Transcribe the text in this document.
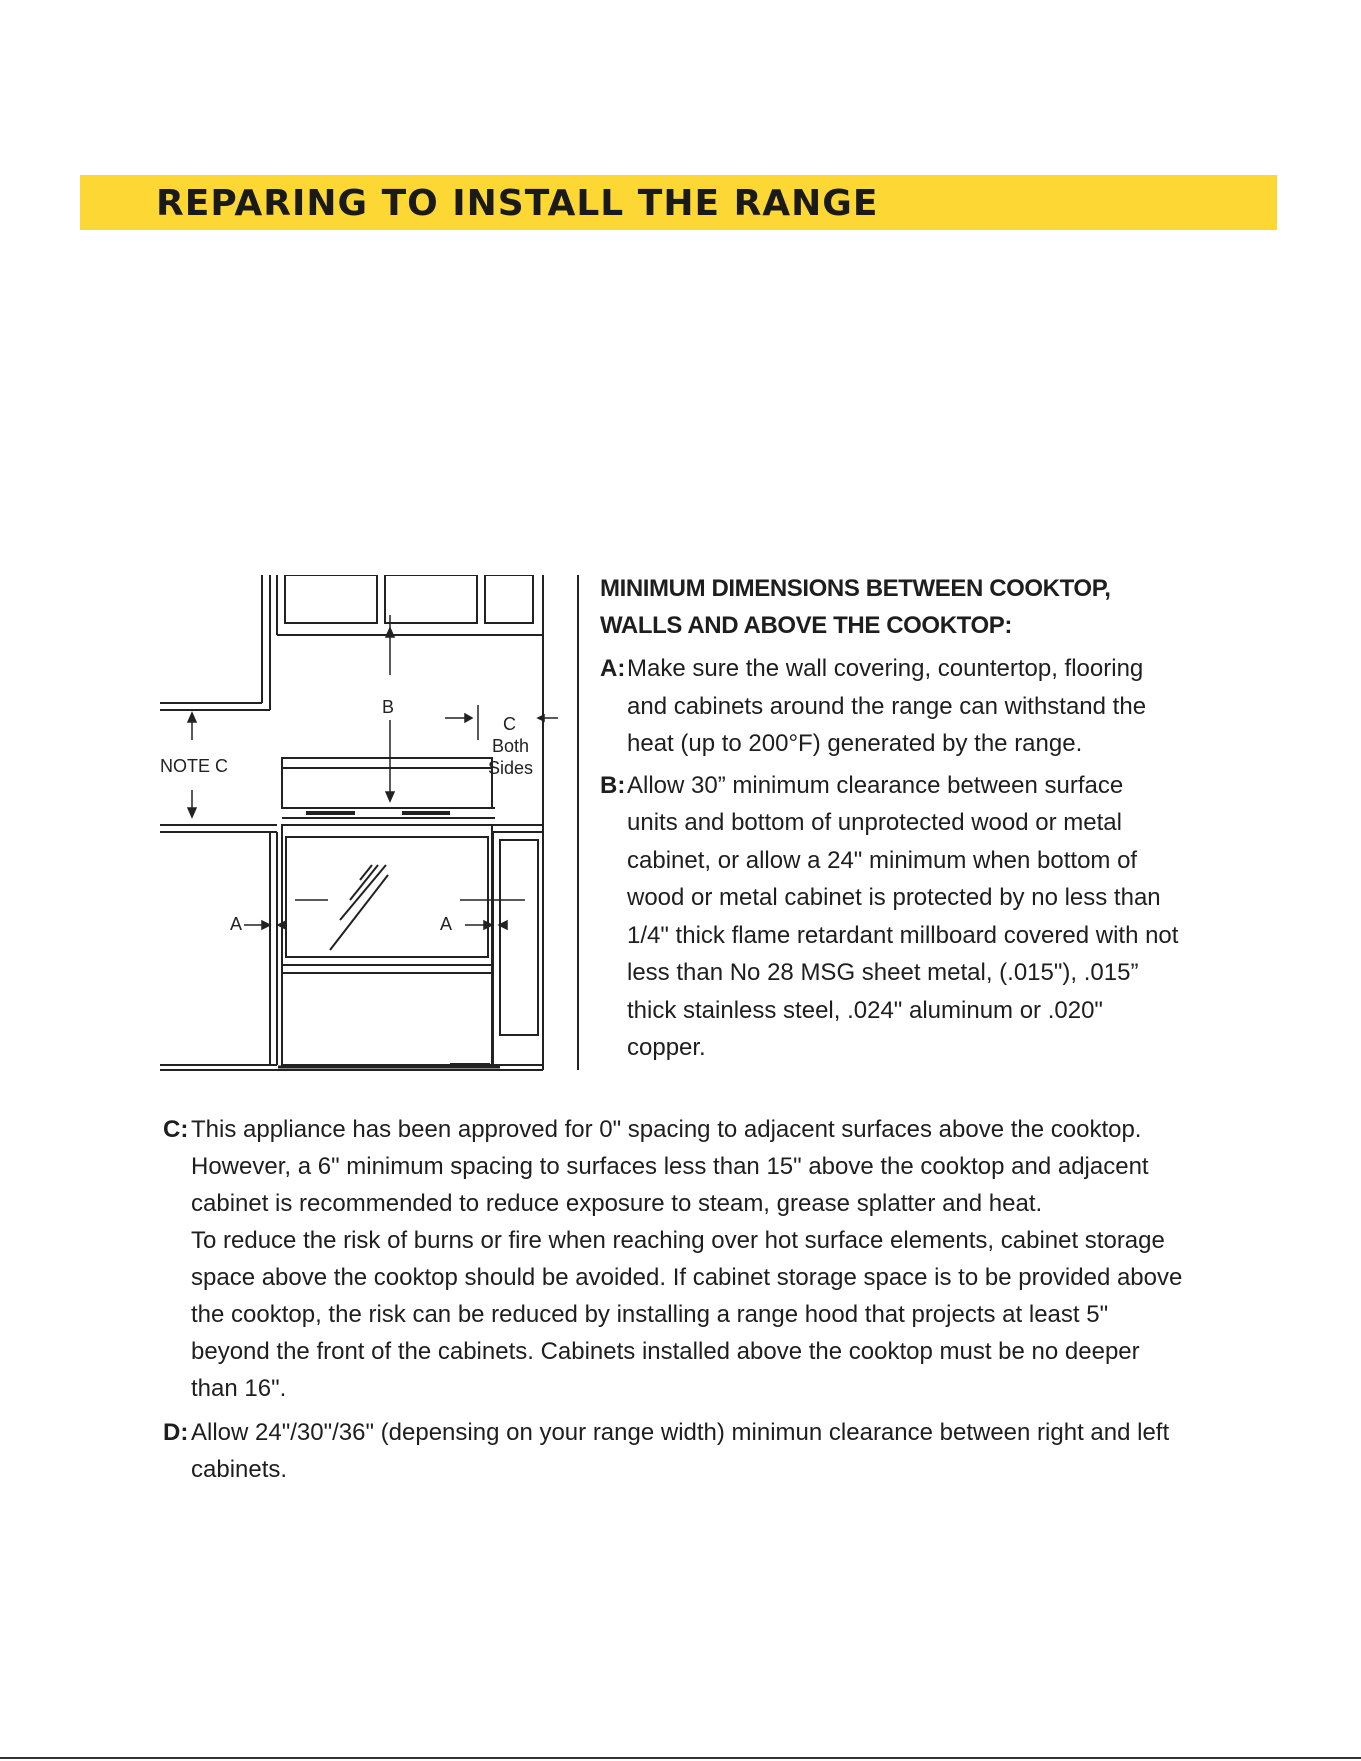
REPARING TO INSTALL THE RANGE
B
C
Both
Sides
NOTE C
A	A

MINIMUM DIMENSIONS BETWEEN COOKTOP,
WALLS AND ABOVE THE COOKTOP:

A: Make sure the wall covering, countertop, flooring and cabinets around the range can withstand the heat (up to 200°F) generated by the range.

B: Allow 30” minimum clearance between surface units and bottom of unprotected wood or metal cabinet, or allow a 24" minimum when bottom of wood or metal cabinet is protected by no less than 1/4" thick flame retardant millboard covered with not less than No 28 MSG sheet metal, (.015"), .015” thick stainless steel, .024" aluminum or .020" copper.

C: This appliance has been approved for 0" spacing to adjacent surfaces above the cooktop. However, a 6" minimum spacing to surfaces less than 15" above the cooktop and adjacent cabinet is recommended to reduce exposure to steam, grease splatter and heat.

To reduce the risk of burns or fire when reaching over hot surface elements, cabinet storage space above the cooktop should be avoided. If cabinet storage space is to be provided above the cooktop, the risk can be reduced by installing a range hood that projects at least 5" beyond the front of the cabinets. Cabinets installed above the cooktop must be no deeper than 16".

D: Allow 24"/30"/36" (depensing on your range width) minimun clearance between right and left cabinets.
